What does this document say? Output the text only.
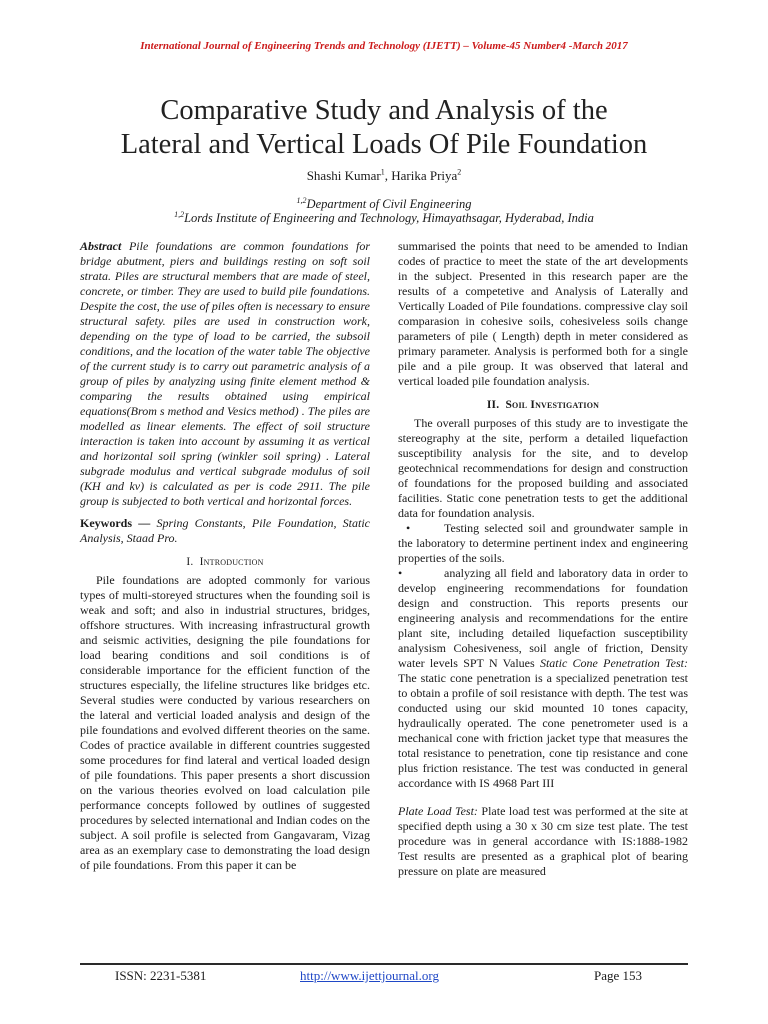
International Journal of Engineering Trends and Technology (IJETT) – Volume-45 Number4 -March 2017
Comparative Study and Analysis of the
Lateral and Vertical Loads Of Pile Foundation
Shashi Kumar$^1$, Harika Priya$^2$
$^{1,2}$Department of Civil Engineering
$^{1,2}$Lords Institute of Engineering and Technology, Himayathsagar, Hyderabad, India

Abstract Pile foundations are common foundations for bridge abutment, piers and buildings resting on soft soil strata. Piles are structural members that are made of steel, concrete, or timber. They are used to build pile foundations. Despite the cost, the use of piles often is necessary to ensure structural safety. piles are used in construction work, depending on the type of load to be carried, the subsoil conditions, and the location of the water table The objective of the current study is to carry out parametric analysis of a group of piles by analyzing using finite element method & comparing the results obtained using empirical equations(Brom s method and Vesics method) . The piles are modelled as linear elements. The effect of soil structure interaction is taken into account by assuming it as vertical and horizontal soil spring (winkler soil spring) . Lateral subgrade modulus and vertical subgrade modulus of soil (KH and kv) is calculated as per is code 2911. The pile group is subjected to both vertical and horizontal forces.

Keywords — Spring Constants, Pile Foundation, Static Analysis, Staad Pro.

I. Introduction

Pile foundations are adopted commonly for various types of multi-storeyed structures when the founding soil is weak and soft; and also in industrial structures, bridges, offshore structures. With increasing infrastructural growth and seismic activities, designing the pile foundations for load bearing conditions and soil conditions is of considerable importance for the efficient function of the structures especially, the lifeline structures like bridges etc. Several studies were conducted by various researchers on the lateral and verticial loaded analysis and design of the pile foundations and evolved different theories on the same. Codes of practice available in different countries suggested some procedures for find lateral and vertical loaded design of pile foundations. This paper presents a short discussion on the various theories evolved on load calculation pile performance concepts followed by outlines of suggested procedures by selected international and Indian codes on the subject. A soil profile is selected from Gangavaram, Vizag area as an exemplary case to demonstrating the load design of pile foundations. From this paper it can be

summarised the points that need to be amended to Indian codes of practice to meet the state of the art developments in the subject. Presented in this research paper are the results of a competetive and Analysis of Laterally and Vertically Loaded of Pile foundations. compressive clay soil comparasion in cohesive soils, cohesiveless soils change parameters of pile ( Length) depth in meter considered as primary parameter. Analysis is performed both for a single pile and a pile group. It was observed that lateral and vertical loaded pile foundation analysis.

II. Soil Investigation

The overall purposes of this study are to investigate the stereography at the site, perform a detailed liquefaction susceptibility analysis for the site, and to develop geotechnical recommendations for design and construction of foundations for the proposed building and associated facilities. Static cone penetration tests to get the additional data for foundation analysis.

•	Testing selected soil and groundwater sample in the laboratory to determine pertinent index and engineering properties of the soils.

•	analyzing all field and laboratory data in order to develop engineering recommendations for foundation design and construction. This reports presents our engineering analysis and recommendations for the entire plant site, including detailed liquefaction susceptibility analysism Cohesiveness, soil angle of friction, Density water levels SPT N Values Static Cone Penetration Test: The static cone penetration is a specialized penetration test to obtain a profile of soil resistance with depth. The test was conducted using our skid mounted 10 tones capacity, hydraulically operated. The cone penetrometer used is a mechanical cone with friction jacket type that measures the total resistance to penetration, cone tip resistance and cone plus friction resistance. The test was conducted in general accordance with IS 4968 Part III

Plate Load Test: Plate load test was performed at the site at specified depth using a 30 x 30 cm size test plate. The test procedure was in general accordance with IS:1888-1982 Test results are presented as a graphical plot of bearing pressure on plate are measured

ISSN: 2231-5381	http://www.ijettjournal.org	Page 153
